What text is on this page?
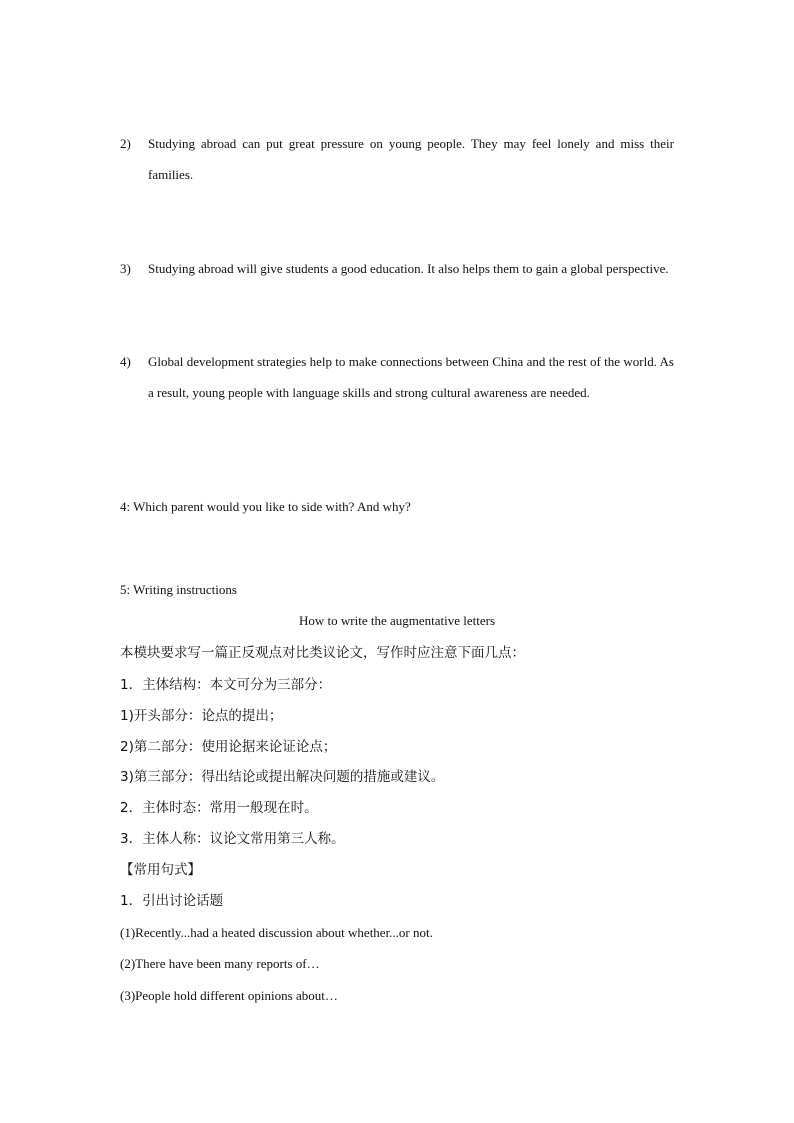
2) Studying abroad can put great pressure on young people. They may feel lonely and miss their families.
3) Studying abroad will give students a good education. It also helps them to gain a global perspective.
4) Global development strategies help to make connections between China and the rest of the world. As a result, young people with language skills and strong cultural awareness are needed.
4: Which parent would you like to side with? And why?
5: Writing instructions
How to write the augmentative letters
本模块要求写一篇正反观点对比类议论文，写作时应注意下面几点：
1．主体结构：本文可分为三部分：
1)开头部分：论点的提出；
2)第二部分：使用论据来论证论点；
3)第三部分：得出结论或提出解决问题的措施或建议。
2．主体时态：常用一般现在时。
3．主体人称：议论文常用第三人称。
【常用句式】
1．引出讨论话题
(1)Recently...had a heated discussion about whether...or not.
(2)There have been many reports of…
(3)People hold different opinions about…
